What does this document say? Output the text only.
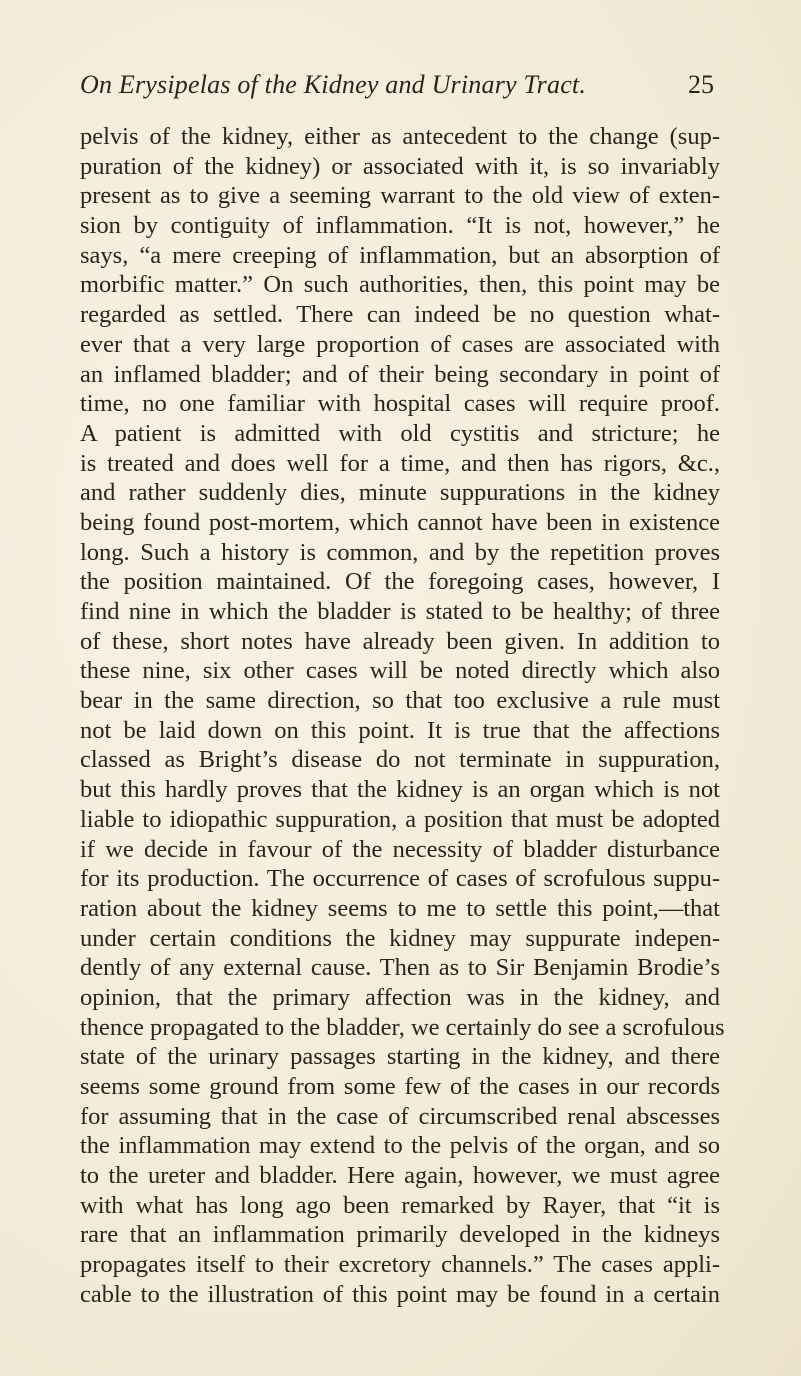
On Erysipelas of the Kidney and Urinary Tract.	25
pelvis of the kidney, either as antecedent to the change (sup-
puration of the kidney) or associated with it, is so invariably
present as to give a seeming warrant to the old view of exten-
sion by contiguity of inflammation. “It is not, however,” he
says, “a mere creeping of inflammation, but an absorption of
morbific matter.” On such authorities, then, this point may be
regarded as settled. There can indeed be no question what-
ever that a very large proportion of cases are associated with
an inflamed bladder; and of their being secondary in point of
time, no one familiar with hospital cases will require proof.
A patient is admitted with old cystitis and stricture; he
is treated and does well for a time, and then has rigors, &c.,
and rather suddenly dies, minute suppurations in the kidney
being found post-mortem, which cannot have been in existence
long. Such a history is common, and by the repetition proves
the position maintained. Of the foregoing cases, however, I
find nine in which the bladder is stated to be healthy; of three
of these, short notes have already been given. In addition to
these nine, six other cases will be noted directly which also
bear in the same direction, so that too exclusive a rule must
not be laid down on this point. It is true that the affections
classed as Bright’s disease do not terminate in suppuration,
but this hardly proves that the kidney is an organ which is not
liable to idiopathic suppuration, a position that must be adopted
if we decide in favour of the necessity of bladder disturbance
for its production. The occurrence of cases of scrofulous suppu-
ration about the kidney seems to me to settle this point,—that
under certain conditions the kidney may suppurate indepen-
dently of any external cause. Then as to Sir Benjamin Brodie’s
opinion, that the primary affection was in the kidney, and
thence propagated to the bladder, we certainly do see a scrofulous
state of the urinary passages starting in the kidney, and there
seems some ground from some few of the cases in our records
for assuming that in the case of circumscribed renal abscesses
the inflammation may extend to the pelvis of the organ, and so
to the ureter and bladder. Here again, however, we must agree
with what has long ago been remarked by Rayer, that “it is
rare that an inflammation primarily developed in the kidneys
propagates itself to their excretory channels.” The cases appli-
cable to the illustration of this point may be found in a certain
